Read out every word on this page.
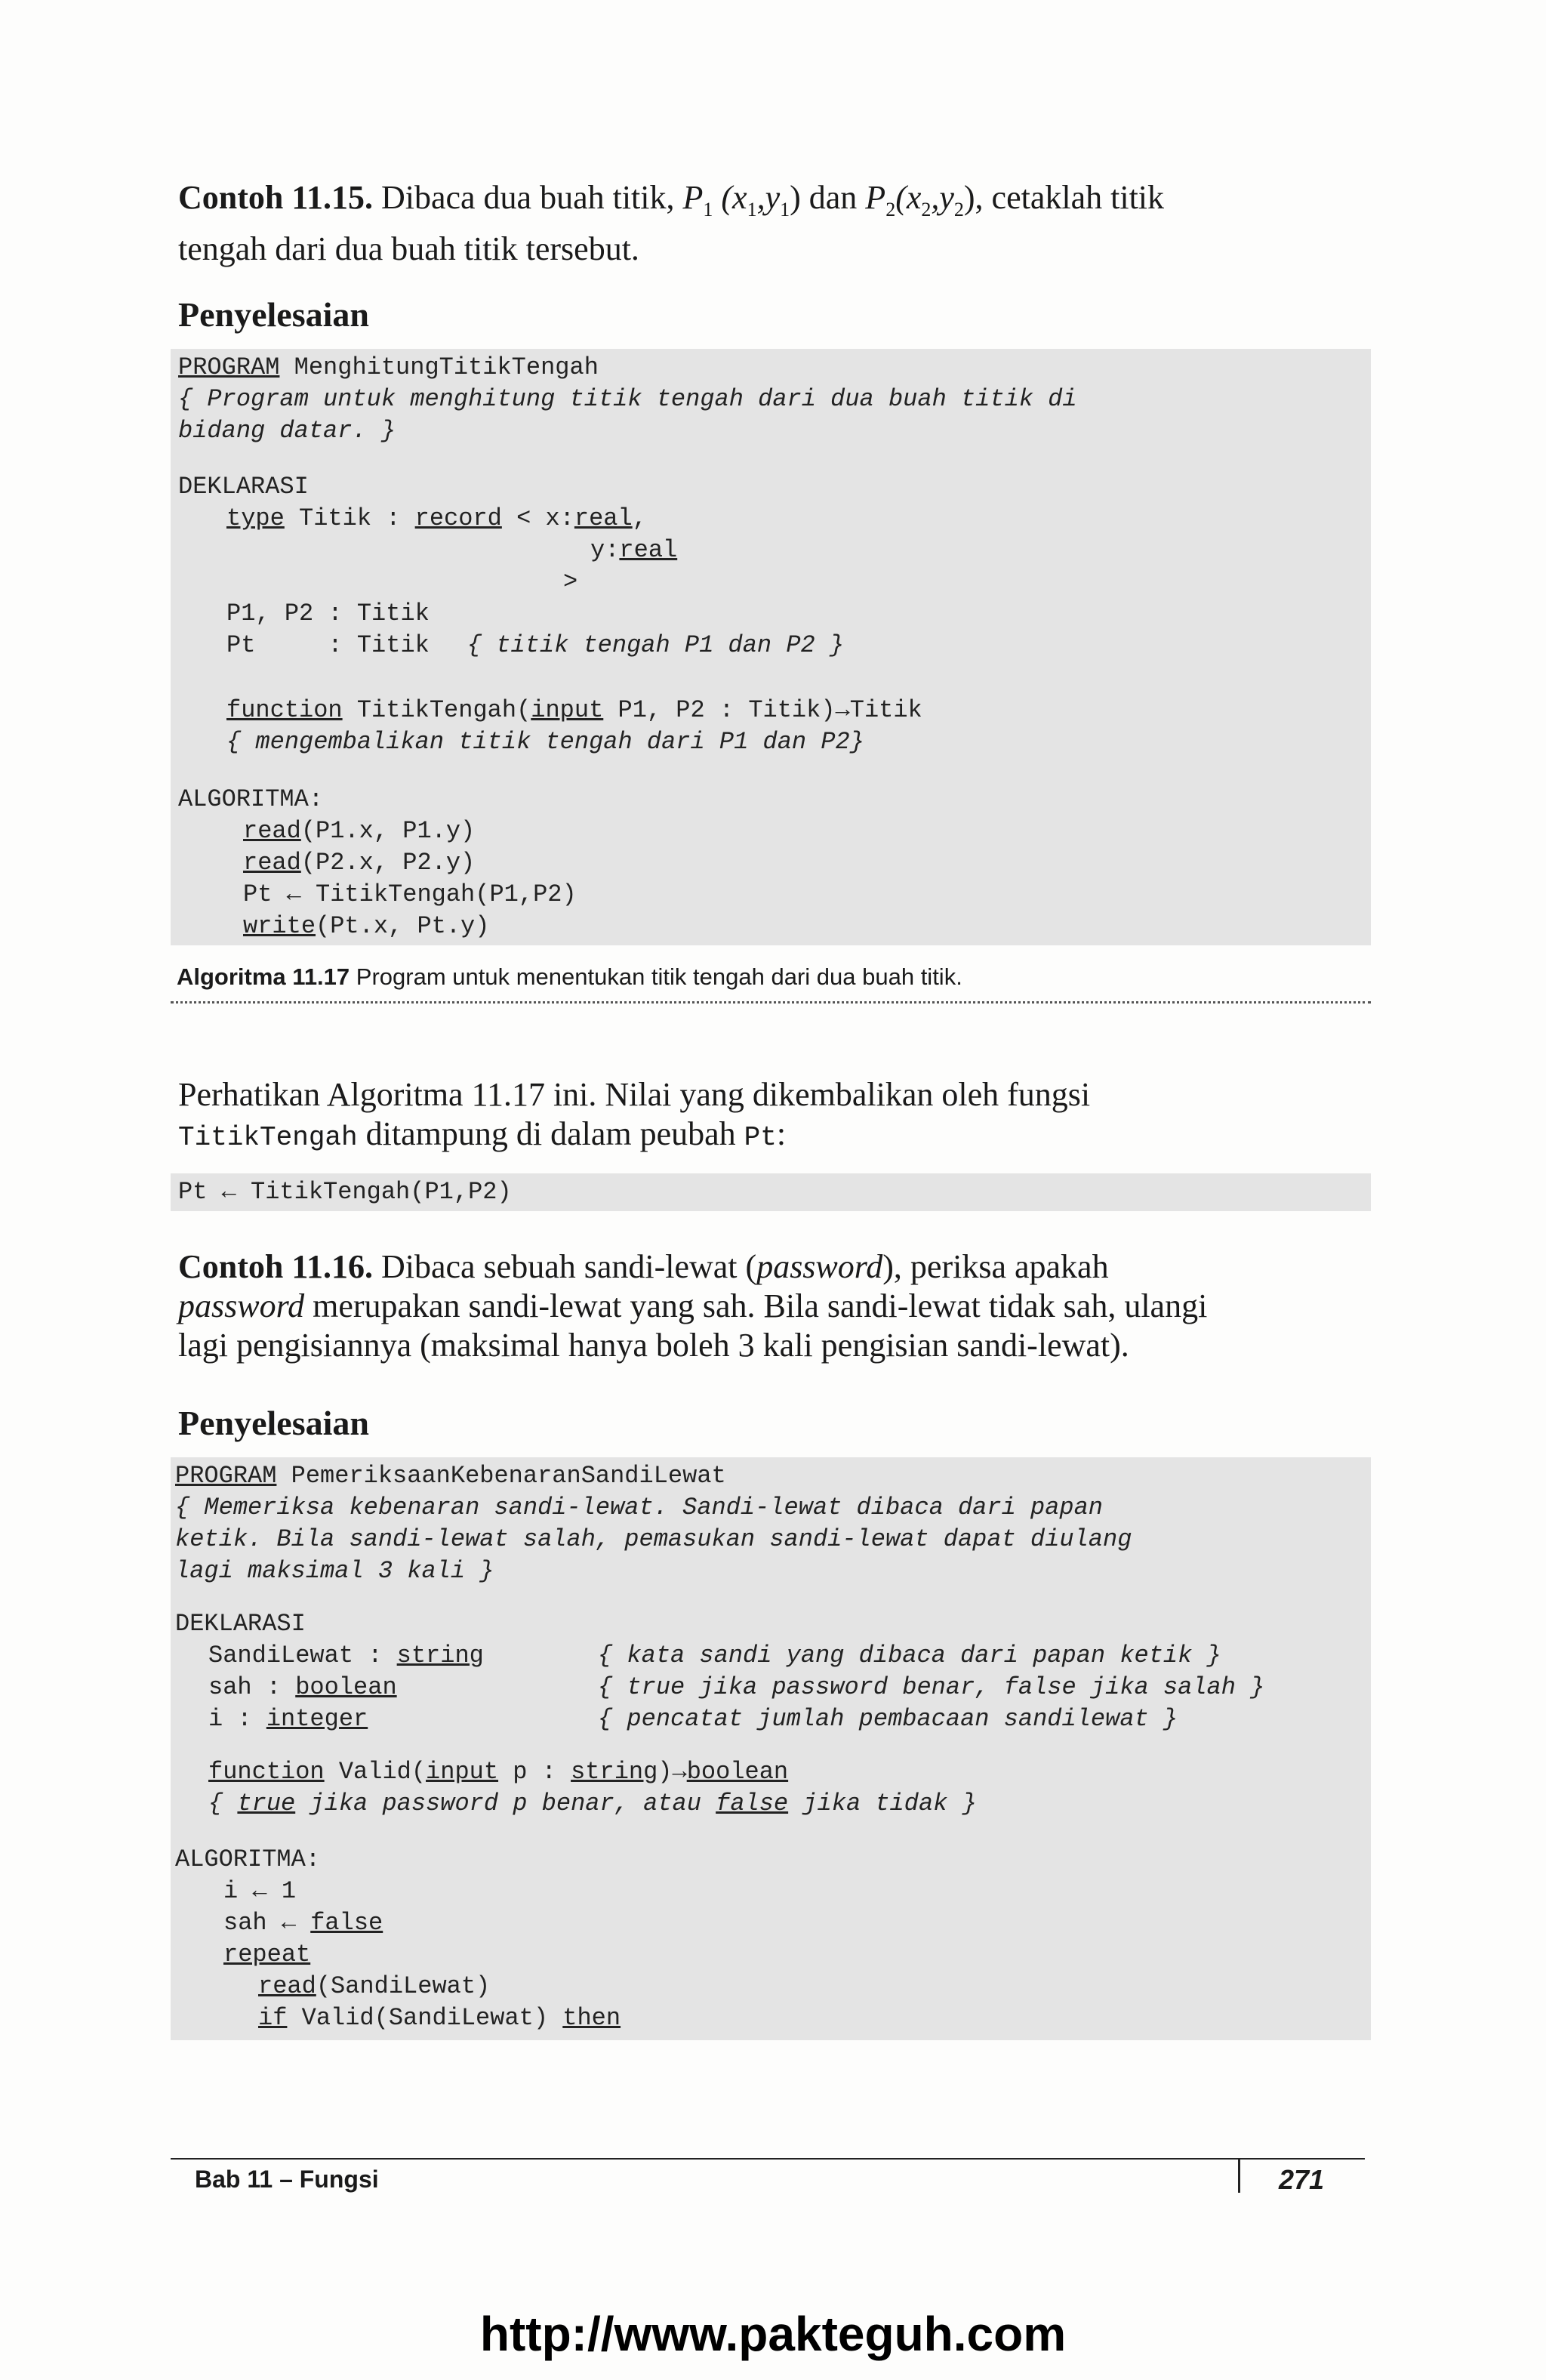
Contoh 11.15. Dibaca dua buah titik, $P_1$ $(x_1,y_1)$ dan $P_2(x_2,y_2)$, cetaklah titik
tengah dari dua buah titik tersebut.
Penyelesaian
PROGRAM MenghitungTitikTengah
{ Program untuk menghitung titik tengah dari dua buah titik di
bidang datar. }
DEKLARASI
type Titik : record < x:real,
y:real
>
P1, P2 : Titik
Pt     : Titik { titik tengah P1 dan P2 }
function TitikTengah(input P1, P2 : Titik)→Titik
{ mengembalikan titik tengah dari P1 dan P2}
ALGORITMA:
read(P1.x, P1.y)
read(P2.x, P2.y)
Pt ← TitikTengah(P1,P2)
write(Pt.x, Pt.y)
Algoritma 11.17 Program untuk menentukan titik tengah dari dua buah titik.
Perhatikan Algoritma 11.17 ini. Nilai yang dikembalikan oleh fungsi
TitikTengah ditampung di dalam peubah Pt:
Pt ← TitikTengah(P1,P2)
Contoh 11.16. Dibaca sebuah sandi-lewat (password), periksa apakah
password merupakan sandi-lewat yang sah. Bila sandi-lewat tidak sah, ulangi
lagi pengisiannya (maksimal hanya boleh 3 kali pengisian sandi-lewat).
Penyelesaian
PROGRAM PemeriksaanKebenaranSandiLewat
{ Memeriksa kebenaran sandi-lewat. Sandi-lewat dibaca dari papan
ketik. Bila sandi-lewat salah, pemasukan sandi-lewat dapat diulang
lagi maksimal 3 kali }
DEKLARASI
SandiLewat : string	{ kata sandi yang dibaca dari papan ketik }
sah : boolean	{ true jika password benar, false jika salah }
i : integer	{ pencatat jumlah pembacaan sandilewat }
function Valid(input p : string)→boolean
{ true jika password p benar, atau false jika tidak }
ALGORITMA:
i ← 1
sah ← false
repeat
read(SandiLewat)
if Valid(SandiLewat) then
Bab 11 – Fungsi	271
http://www.pakteguh.com
